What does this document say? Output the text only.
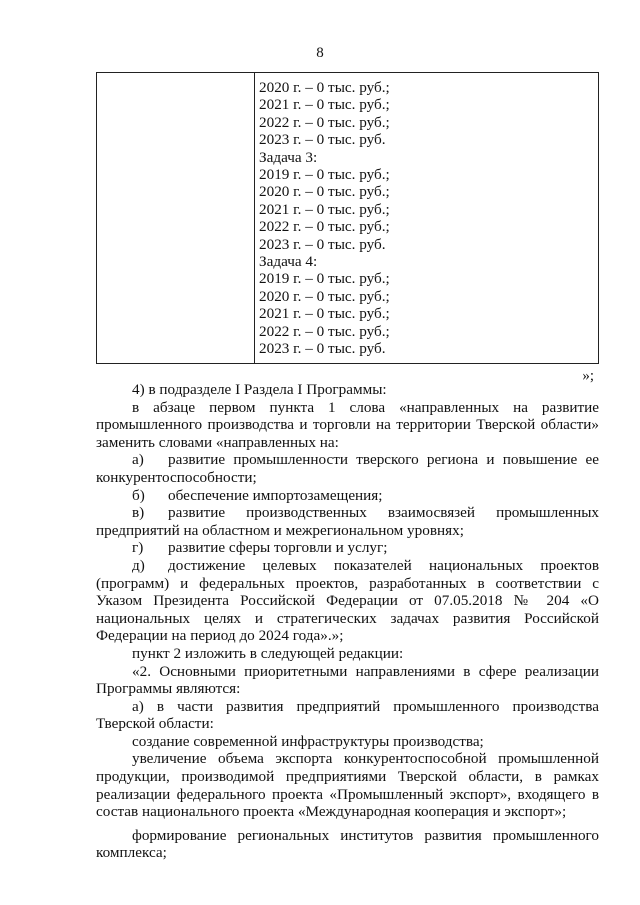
8
2020 г. – 0 тыс. руб.;
2021 г. – 0 тыс. руб.;
2022 г. – 0 тыс. руб.;
2023 г. – 0 тыс. руб.
Задача 3:
2019 г. – 0 тыс. руб.;
2020 г. – 0 тыс. руб.;
2021 г. – 0 тыс. руб.;
2022 г. – 0 тыс. руб.;
2023 г. – 0 тыс. руб.
Задача 4:
2019 г. – 0 тыс. руб.;
2020 г. – 0 тыс. руб.;
2021 г. – 0 тыс. руб.;
2022 г. – 0 тыс. руб.;
2023 г. – 0 тыс. руб.
»;

4) в подразделе I Раздела I Программы:

в абзаце первом пункта 1 слова «направленных на развитие промышленного производства и торговли на территории Тверской области» заменить словами «направленных на:

а) развитие промышленности тверского региона и повышение ее конкурентоспособности;

б) обеспечение импортозамещения;

в) развитие производственных взаимосвязей промышленных предприятий на областном и межрегиональном уровнях;

г) развитие сферы торговли и услуг;

д) достижение целевых показателей национальных проектов (программ) и федеральных проектов, разработанных в соответствии с Указом Президента Российской Федерации от 07.05.2018 № 204 «О национальных целях и стратегических задачах развития Российской Федерации на период до 2024 года».»;

пункт 2 изложить в следующей редакции:

«2. Основными приоритетными направлениями в сфере реализации Программы являются:

а) в части развития предприятий промышленного производства Тверской области:

создание современной инфраструктуры производства;

увеличение объема экспорта конкурентоспособной промышленной продукции, производимой предприятиями Тверской области, в рамках реализации федерального проекта «Промышленный экспорт», входящего в состав национального проекта «Международная кооперация и экспорт»;

формирование региональных институтов развития промышленного комплекса;
